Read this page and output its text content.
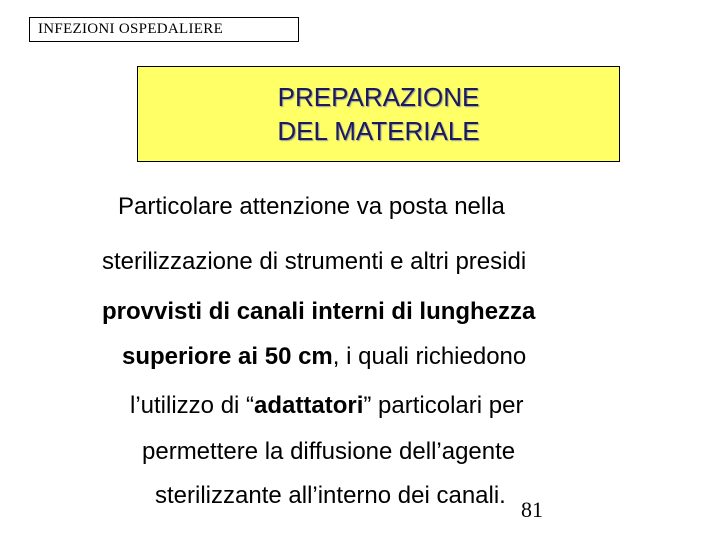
INFEZIONI OSPEDALIERE
PREPARAZIONE
DEL MATERIALE
Particolare attenzione va posta nella
sterilizzazione di strumenti e altri presidi
provvisti di canali interni di lunghezza
superiore ai 50 cm, i quali richiedono
l’utilizzo di “adattatori” particolari per
permettere la diffusione dell’agente
sterilizzante all’interno dei canali.
81
